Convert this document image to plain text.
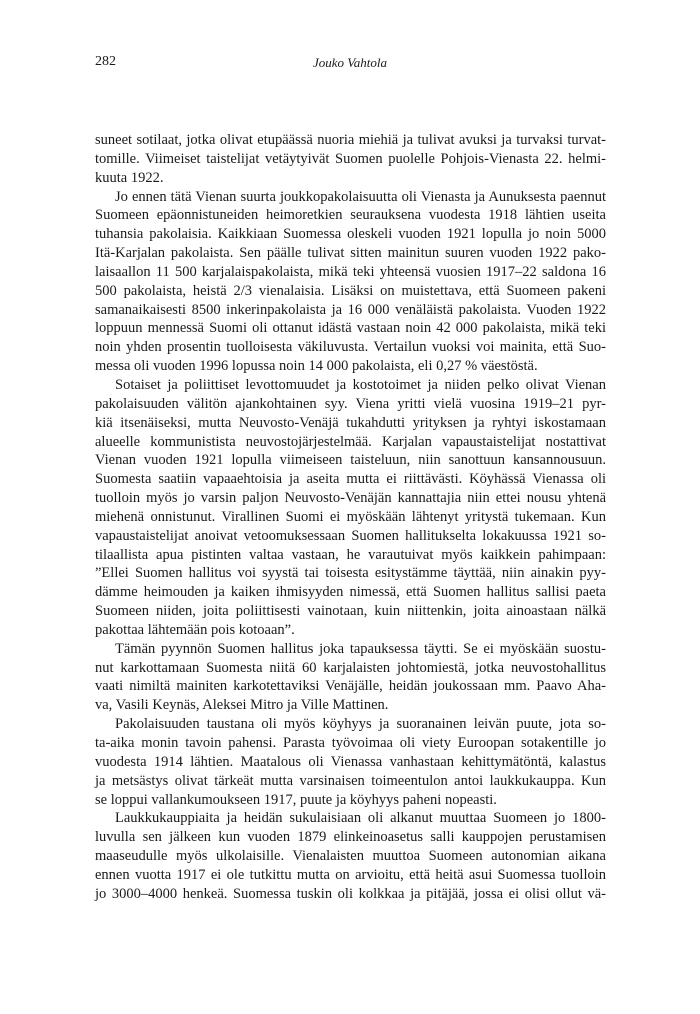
282	Jouko Vahtola
suneet sotilaat, jotka olivat etupäässä nuoria miehiä ja tulivat avuksi ja turvaksi turvat-
tomille. Viimeiset taistelijat vetäytyivät Suomen puolelle Pohjois-Vienasta 22. helmi-
kuuta 1922.
Jo ennen tätä Vienan suurta joukkopakolaisuutta oli Vienasta ja Aunuksesta paennut
Suomeen epäonnistuneiden heimoretkien seurauksena vuodesta 1918 lähtien useita
tuhansia pakolaisia. Kaikkiaan Suomessa oleskeli vuoden 1921 lopulla jo noin 5000
Itä-Karjalan pakolaista. Sen päälle tulivat sitten mainitun suuren vuoden 1922 pako-
laisaallon 11 500 karjalaispakolaista, mikä teki yhteensä vuosien 1917–22 saldona 16
500 pakolaista, heistä 2/3 vienalaisia. Lisäksi on muistettava, että Suomeen pakeni
samanaikaisesti 8500 inkerinpakolaista ja 16 000 venäläistä pakolaista. Vuoden 1922
loppuun mennessä Suomi oli ottanut idästä vastaan noin 42 000 pakolaista, mikä teki
noin yhden prosentin tuolloisesta väkiluvusta. Vertailun vuoksi voi mainita, että Suo-
messa oli vuoden 1996 lopussa noin 14 000 pakolaista, eli 0,27 % väestöstä.
Sotaiset ja poliittiset levottomuudet ja kostotoimet ja niiden pelko olivat Vienan
pakolaisuuden välitön ajankohtainen syy. Viena yritti vielä vuosina 1919–21 pyr-
kiä itsenäiseksi, mutta Neuvosto-Venäjä tukahdutti yrityksen ja ryhtyi iskostamaan
alueelle kommunistista neuvostojärjestelmää. Karjalan vapaustaistelijat nostattivat
Vienan vuoden 1921 lopulla viimeiseen taisteluun, niin sanottuun kansannousuun.
Suomesta saatiin vapaaehtoisia ja aseita mutta ei riittävästi. Köyhässä Vienassa oli
tuolloin myös jo varsin paljon Neuvosto-Venäjän kannattajia niin ettei nousu yhtenä
miehenä onnistunut. Virallinen Suomi ei myöskään lähtenyt yritystä tukemaan. Kun
vapaustaistelijat anoivat vetoomuksessaan Suomen hallitukselta lokakuussa 1921 so-
tilaallista apua pistinten valtaa vastaan, he varautuivat myös kaikkein pahimpaan:
”Ellei Suomen hallitus voi syystä tai toisesta esitystämme täyttää, niin ainakin pyy-
dämme heimouden ja kaiken ihmisyyden nimessä, että Suomen hallitus sallisi paeta
Suomeen niiden, joita poliittisesti vainotaan, kuin niittenkin, joita ainoastaan nälkä
pakottaa lähtemään pois kotoaan”.
Tämän pyynnön Suomen hallitus joka tapauksessa täytti. Se ei myöskään suostu-
nut karkottamaan Suomesta niitä 60 karjalaisten johtomiestä, jotka neuvostohallitus
vaati nimiltä mainiten karkotettaviksi Venäjälle, heidän joukossaan mm. Paavo Aha-
va, Vasili Keynäs, Aleksei Mitro ja Ville Mattinen.
Pakolaisuuden taustana oli myös köyhyys ja suoranainen leivän puute, jota so-
ta-aika monin tavoin pahensi. Parasta työvoimaa oli viety Euroopan sotakentille jo
vuodesta 1914 lähtien. Maatalous oli Vienassa vanhastaan kehittymätöntä, kalastus
ja metsästys olivat tärkeät mutta varsinaisen toimeentulon antoi laukkukauppa. Kun
se loppui vallankumoukseen 1917, puute ja köyhyys paheni nopeasti.
Laukkukauppiaita ja heidän sukulaisiaan oli alkanut muuttaa Suomeen jo 1800-
luvulla sen jälkeen kun vuoden 1879 elinkeinoasetus salli kauppojen perustamisen
maaseudulle myös ulkolaisille. Vienalaisten muuttoa Suomeen autonomian aikana
ennen vuotta 1917 ei ole tutkittu mutta on arvioitu, että heitä asui Suomessa tuolloin
jo 3000–4000 henkeä. Suomessa tuskin oli kolkkaa ja pitäjää, jossa ei olisi ollut vä-
